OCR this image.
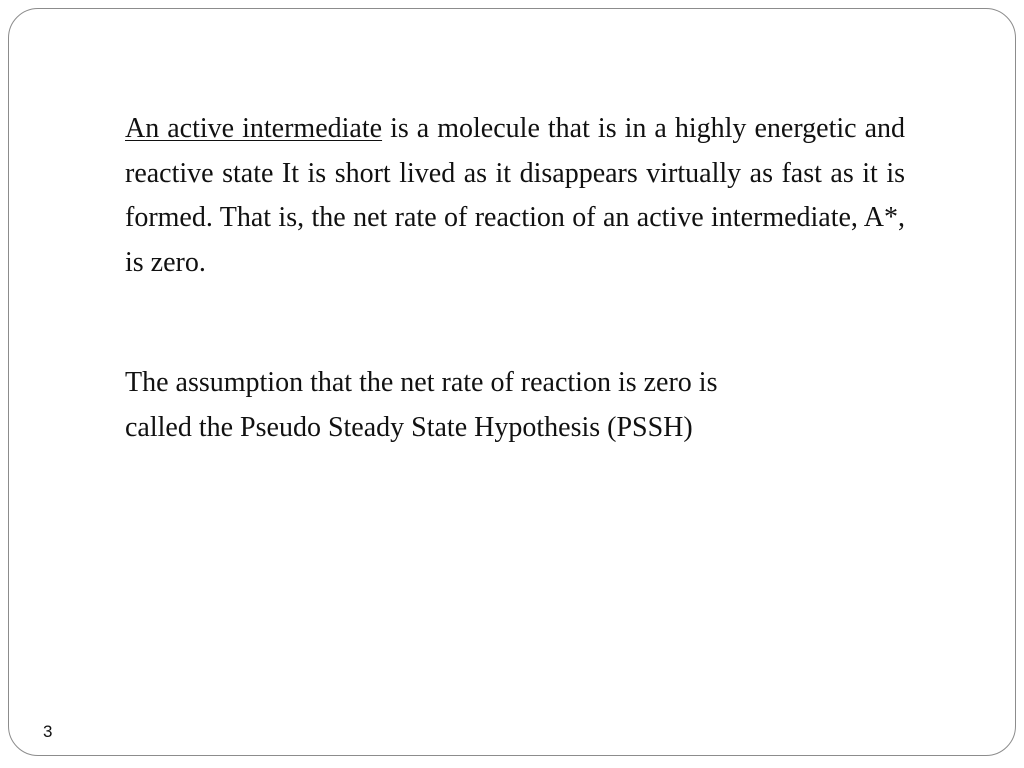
An active intermediate is a molecule that is in a highly energetic and reactive state It is short lived as it disappears virtually as fast as it is formed. That is, the net rate of reaction of an active intermediate, A*, is zero.

The assumption that the net rate of reaction is zero is
called the Pseudo Steady State Hypothesis (PSSH)

3
